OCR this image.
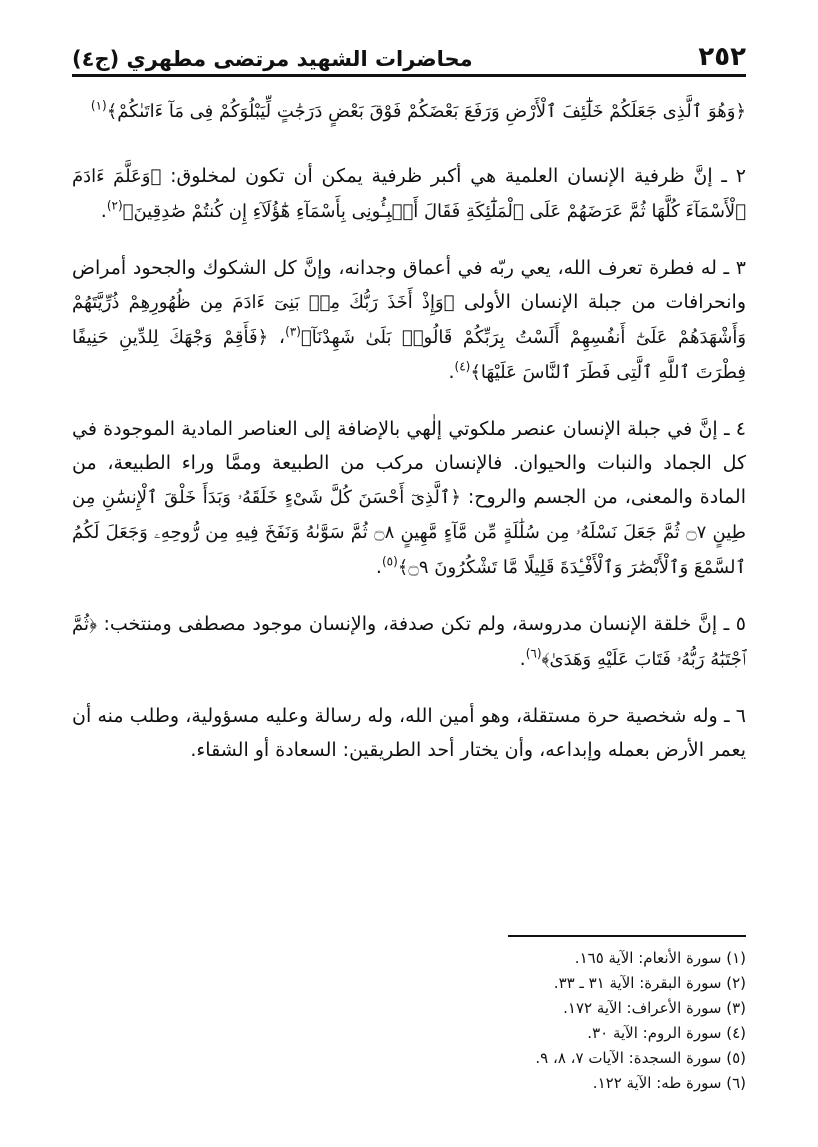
٢٥٢
محاضرات الشهيد مرتضى مطهري (ج٤)

﴿وَهُوَ ٱلَّذِى جَعَلَكُمْ خَلَٰٓئِفَ ٱلْأَرْضِ وَرَفَعَ بَعْضَكُمْ فَوْقَ بَعْضٍ دَرَجَٰتٍ لِّيَبْلُوَكُمْ فِى مَآ ءَاتَىٰكُمْ﴾$^{(١)}$

٢ ـ إنَّ ظرفية الإنسان العلمية هي أكبر ظرفية يمكن أن تكون لمخلوق: ﴿وَعَلَّمَ ءَادَمَ ٱلْأَسْمَآءَ كُلَّهَا ثُمَّ عَرَضَهُمْ عَلَى ٱلْمَلَٰٓئِكَةِ فَقَالَ أَنۢبِـُٔونِى بِأَسْمَآءِ هَٰٓؤُلَآءِ إِن كُنتُمْ صَٰدِقِينَ﴾$^{(٢)}$.

٣ ـ له فطرة تعرف الله، يعي ربّه في أعماق وجدانه، وإنَّ كل الشكوك والجحود أمراض وانحرافات من جبلة الإنسان الأولى ﴿وَإِذْ أَخَذَ رَبُّكَ مِنۢ بَنِىٓ ءَادَمَ مِن ظُهُورِهِمْ ذُرِّيَّتَهُمْ وَأَشْهَدَهُمْ عَلَىٰٓ أَنفُسِهِمْ أَلَسْتُ بِرَبِّكُمْ قَالُوا۟ بَلَىٰ شَهِدْنَآ﴾$^{(٣)}$، ﴿فَأَقِمْ وَجْهَكَ لِلدِّينِ حَنِيفًا فِطْرَتَ ٱللَّهِ ٱلَّتِى فَطَرَ ٱلنَّاسَ عَلَيْهَا﴾$^{(٤)}$.

٤ ـ إنَّ في جبلة الإنسان عنصر ملكوتي إلٰهي بالإضافة إلى العناصر المادية الموجودة في كل الجماد والنبات والحيوان. فالإنسان مركب من الطبيعة وممَّا وراء الطبيعة، من المادة والمعنى، من الجسم والروح: ﴿ٱلَّذِىٓ أَحْسَنَ كُلَّ شَىْءٍ خَلَقَهُۥ وَبَدَأَ خَلْقَ ٱلْإِنسَٰنِ مِن طِينٍ ۝٧ ثُمَّ جَعَلَ نَسْلَهُۥ مِن سُلَٰلَةٍ مِّن مَّآءٍ مَّهِينٍ ۝٨ ثُمَّ سَوَّىٰهُ وَنَفَخَ فِيهِ مِن رُّوحِهِۦ وَجَعَلَ لَكُمُ ٱلسَّمْعَ وَٱلْأَبْصَٰرَ وَٱلْأَفْـِٔدَةَ قَلِيلًا مَّا تَشْكُرُونَ ۝٩﴾$^{(٥)}$.

٥ ـ إنَّ خلقة الإنسان مدروسة، ولم تكن صدفة، والإنسان موجود مصطفى ومنتخب: ﴿ثُمَّ ٱجْتَبَٰهُ رَبُّهُۥ فَتَابَ عَلَيْهِ وَهَدَىٰ﴾$^{(٦)}$.

٦ ـ وله شخصية حرة مستقلة، وهو أمين الله، وله رسالة وعليه مسؤولية، وطلب منه أن يعمر الأرض بعمله وإبداعه، وأن يختار أحد الطريقين: السعادة أو الشقاء.

(١) سورة الأنعام: الآية ١٦٥.
(٢) سورة البقرة: الآية ٣١ ـ ٣٣.
(٣) سورة الأعراف: الآية ١٧٢.
(٤) سورة الروم: الآية ٣٠.
(٥) سورة السجدة: الآيات ٧، ٨، ٩.
(٦) سورة طه: الآية ١٢٢.
